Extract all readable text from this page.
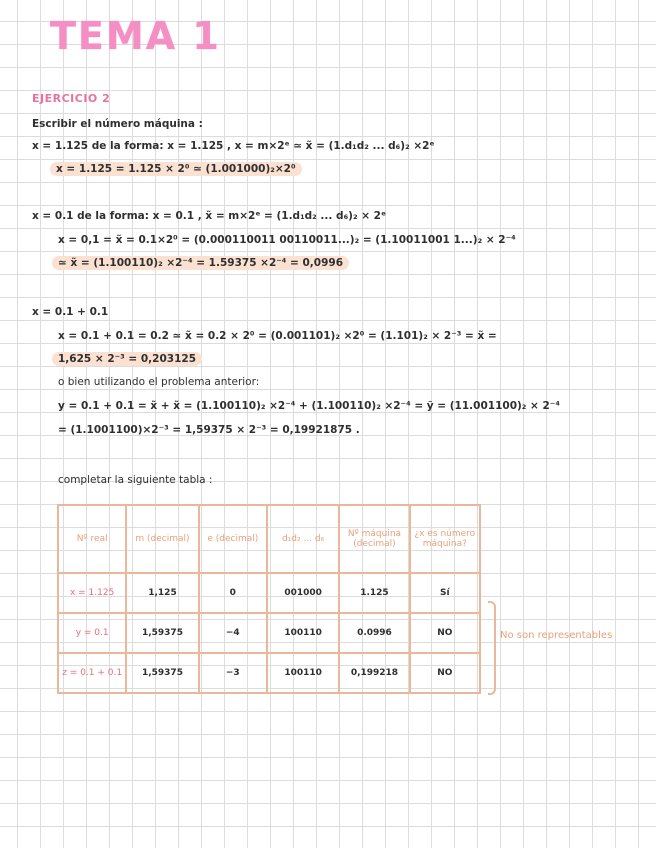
TEMA 1
EJERCICIO 2
Escribir el número máquina :
x = 1.125 de la forma: x = 1.125 , x = m×2ᵉ ≃ x̃ = (1.d₁d₂ ... d₆)₂ ×2ᵉ
x = 1.125 = 1.125 × 2⁰ ≃ (1.001000)₂×2⁰
x = 0.1 de la forma: x = 0.1 , x̃ = m×2ᵉ = (1.d₁d₂ ... d₆)₂ × 2ᵉ
x = 0,1 = x̃ = 0.1×2⁰ = (0.000110011 00110011...)₂ = (1.10011001 1...)₂ × 2⁻⁴
≃ x̃ = (1.100110)₂ ×2⁻⁴ = 1.59375 ×2⁻⁴ = 0,0996
x = 0.1 + 0.1
x = 0.1 + 0.1 = 0.2 ≃ x̃ = 0.2 × 2⁰ = (0.001101)₂ ×2⁰ = (1.101)₂ × 2⁻³ = x̃ =
1,625 × 2⁻³ = 0,203125
o bien utilizando el problema anterior:
y = 0.1 + 0.1 = x̃ + x̃ = (1.100110)₂ ×2⁻⁴ + (1.100110)₂ ×2⁻⁴ = ỹ = (11.001100)₂ × 2⁻⁴
= (1.1001100)×2⁻³ = 1,59375 × 2⁻³ = 0,19921875 .
completar la siguiente tabla :
Nº real	m (decimal)	e (decimal)	d₁d₂ ... d₆	Nº máquina (decimal)	¿x es número máquina?
x = 1.125	1,125	0	001000	1.125	Sí
y = 0.1	1,59375	−4	100110	0.0996	NO
z = 0.1 + 0.1	1,59375	−3	100110	0,199218	NO
No son representables
